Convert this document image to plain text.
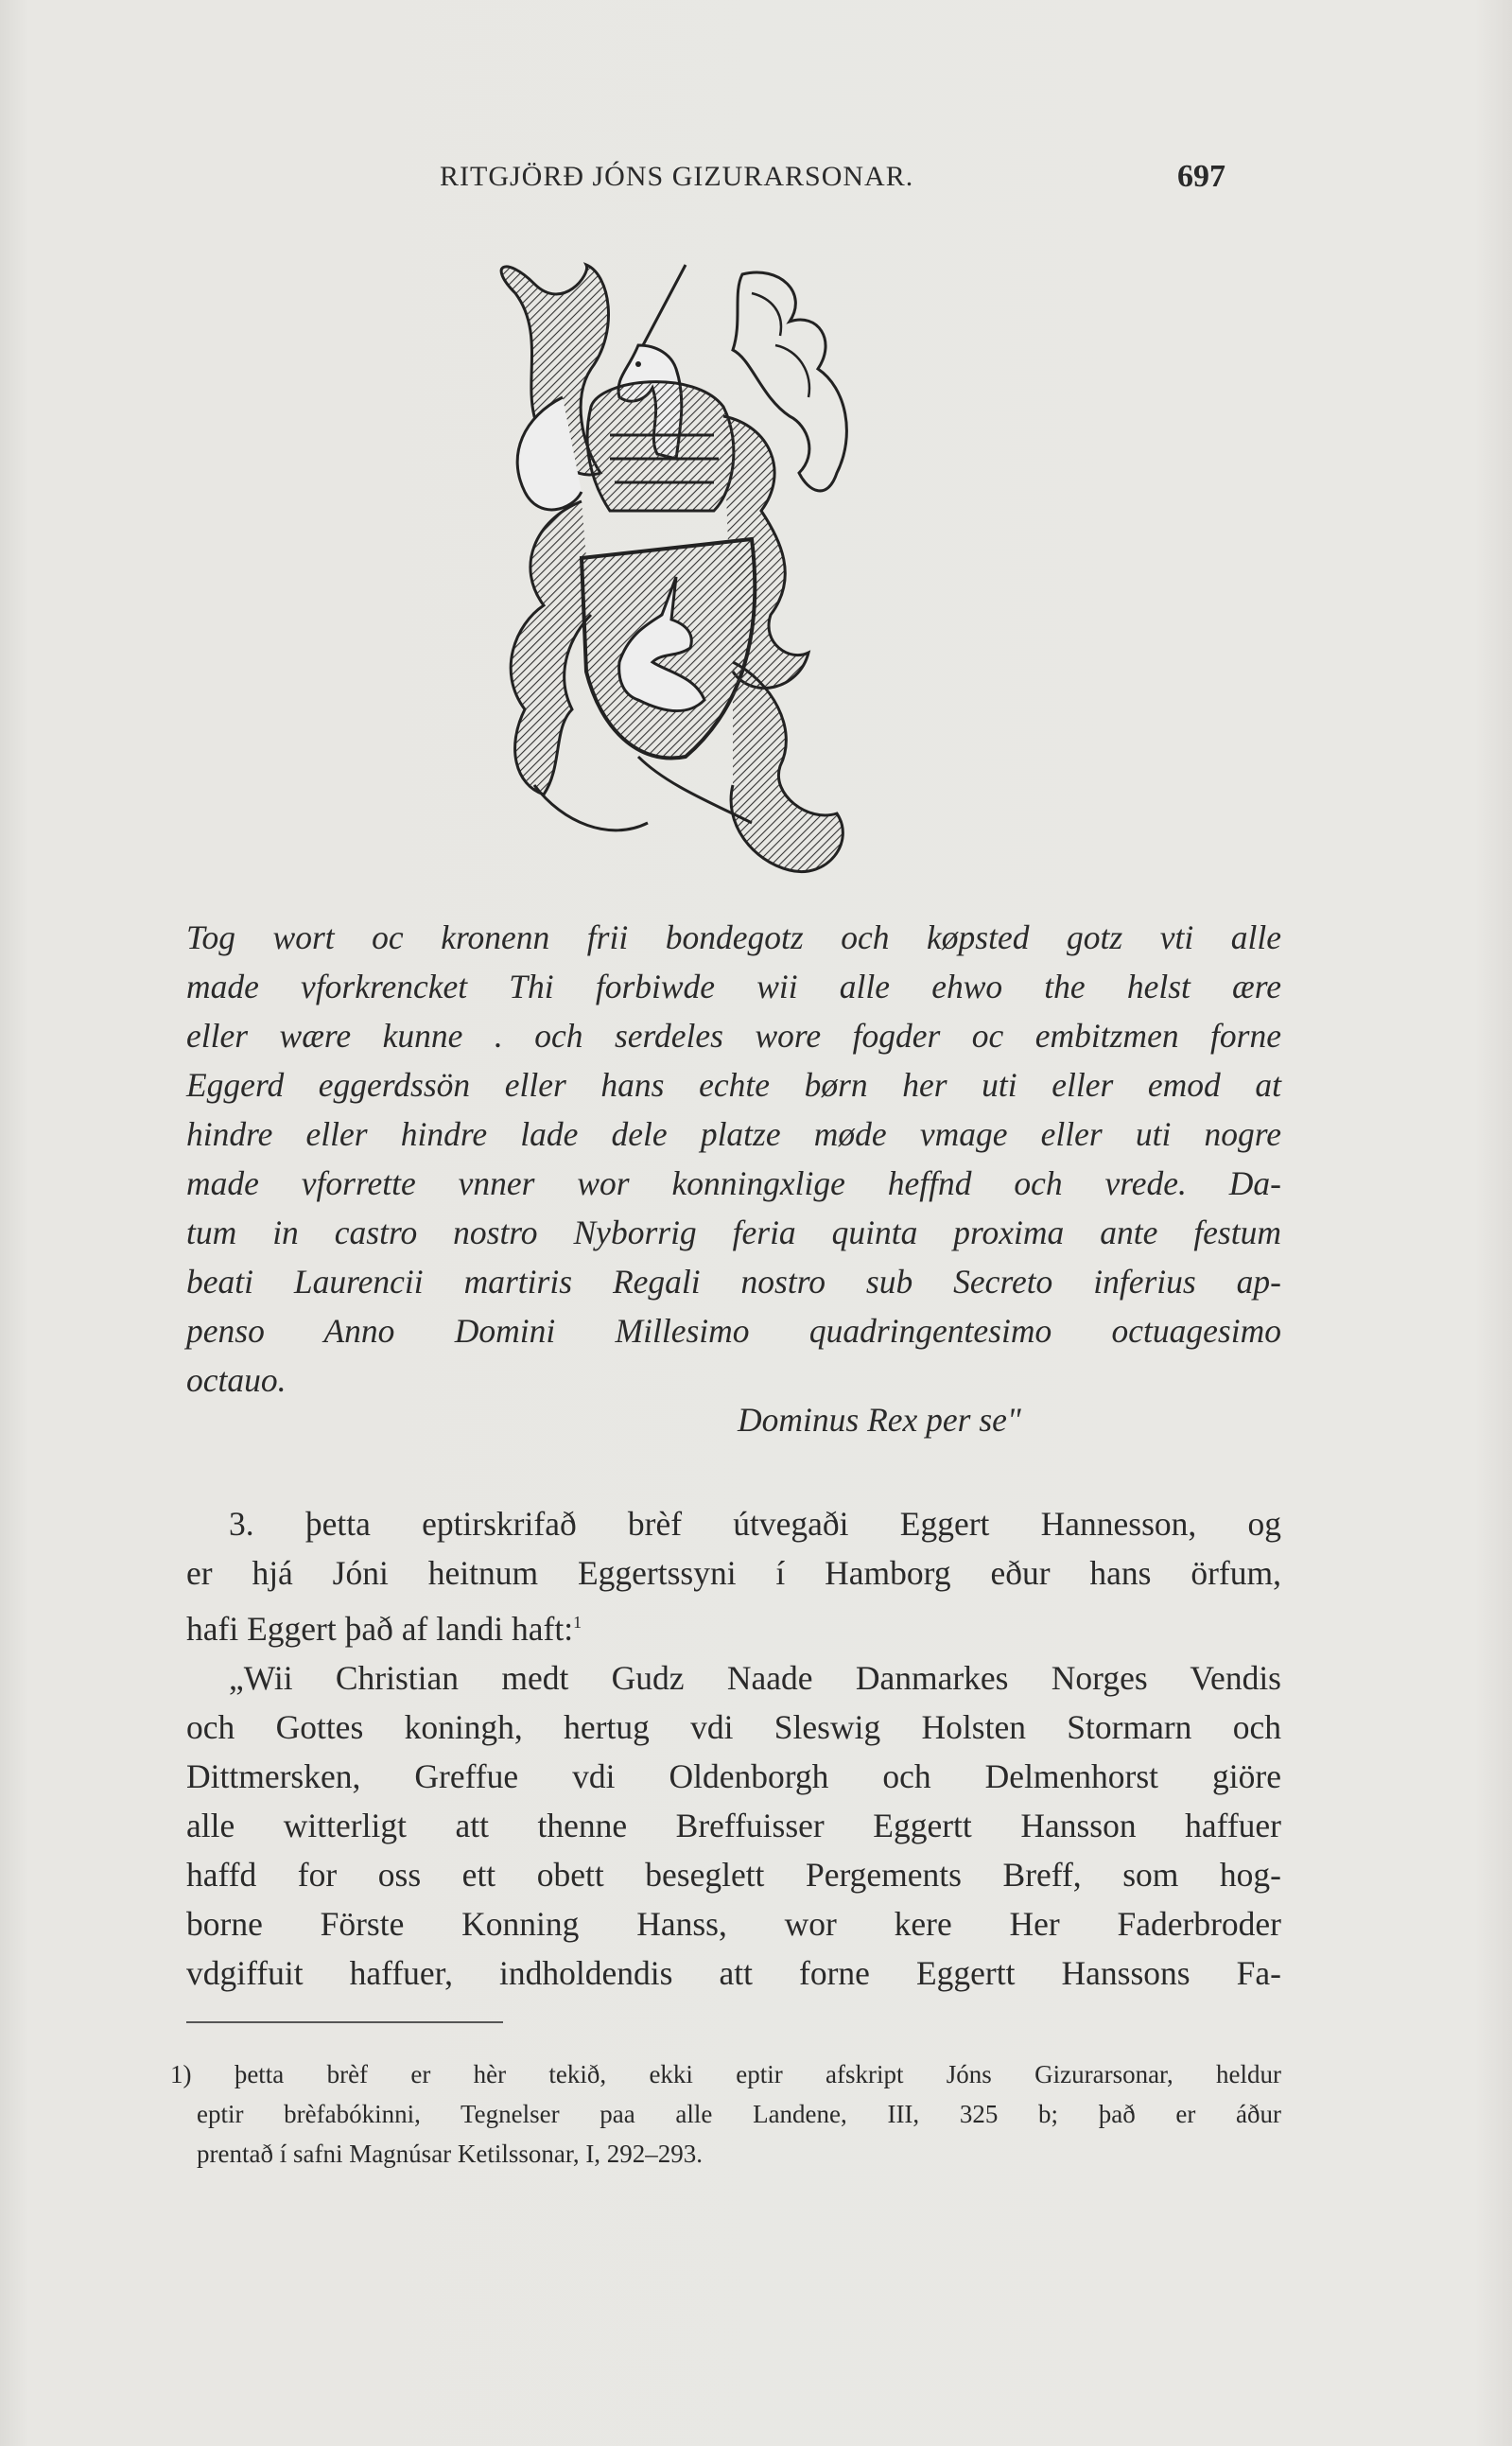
RITGJÖRÐ JÓNS GIZURARSONAR.	697
Tog wort oc kronenn frii bondegotz och køpsted gotz vti alle
made vforkrencket Thi forbiwde wii alle ehwo the helst ære
eller wære kunne . och serdeles wore fogder oc embitzmen forne
Eggerd eggerdssön eller hans echte børn her uti eller emod at
hindre eller hindre lade dele platze møde vmage eller uti nogre
made vforrette vnner wor konningxlige heffnd och vrede. Da-
tum in castro nostro Nyborrig feria quinta proxima ante festum
beati Laurencii martiris Regali nostro sub Secreto inferius ap-
penso Anno Domini Millesimo quadringentesimo octuagesimo
octauo.
Dominus Rex per se"
3. þetta eptirskrifað brèf útvegaði Eggert Hannesson, og
er hjá Jóni heitnum Eggertssyni í Hamborg eður hans örfum,
hafi Eggert það af landi haft:$^1$
„Wii Christian medt Gudz Naade Danmarkes Norges Vendis
och Gottes koningh, hertug vdi Sleswig Holsten Stormarn och
Dittmersken, Greffue vdi Oldenborgh och Delmenhorst giöre
alle witterligt att thenne Breffuisser Eggertt Hansson haffuer
haffd for oss ett obett beseglett Pergements Breff, som hog-
borne Förste Konning Hanss, wor kere Her Faderbroder
vdgiffuit haffuer, indholdendis att forne Eggertt Hanssons Fa-
1) þetta brèf er hèr tekið, ekki eptir afskript Jóns Gizurarsonar, heldur
eptir brèfabókinni, Tegnelser paa alle Landene, III, 325 b; það er áður
prentað í safni Magnúsar Ketilssonar, I, 292–293.
